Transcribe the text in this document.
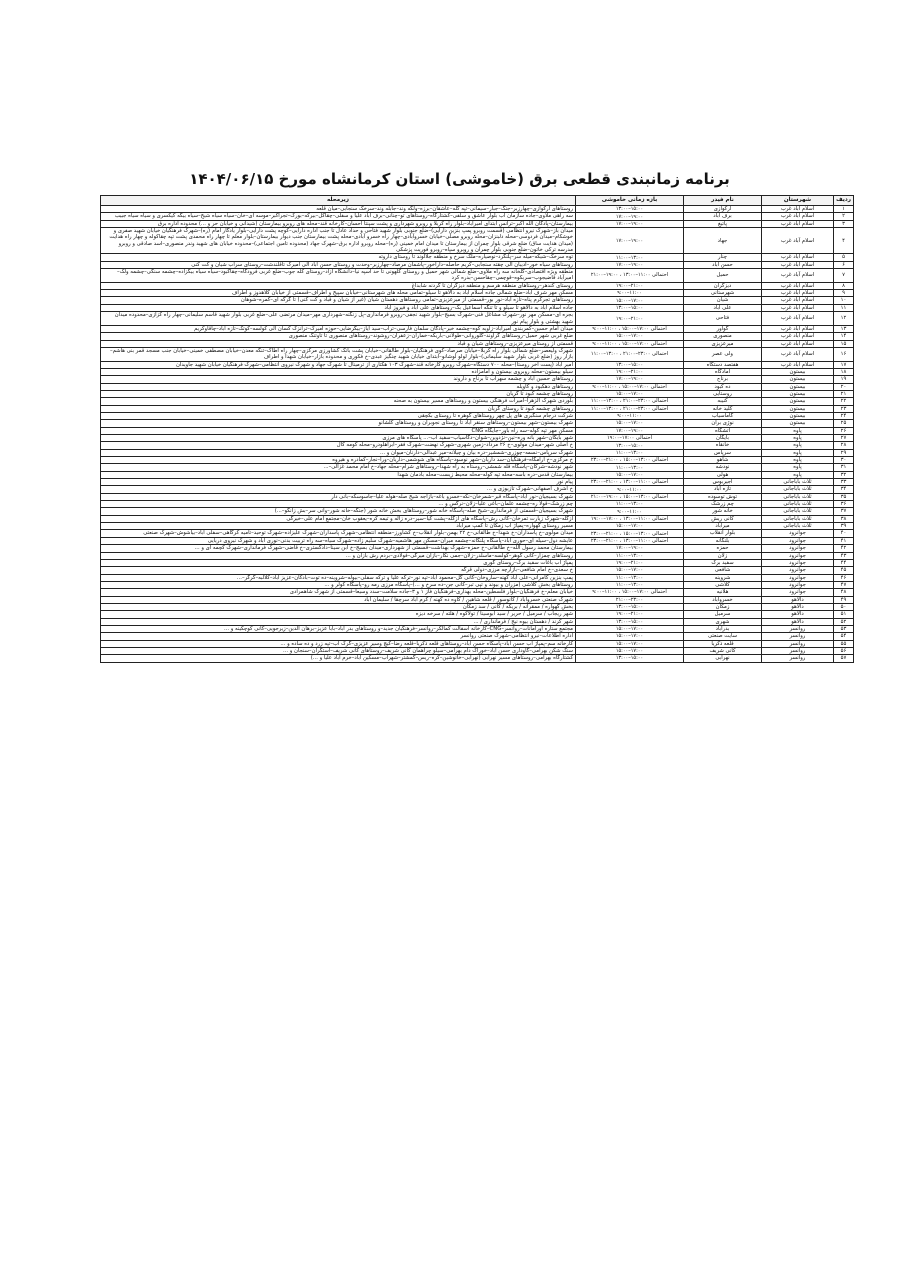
برنامه زمانبندی قطعی برق (خاموشی) استان کرمانشاه مورخ ۱۴۰۴/۰۶/۱۵
ردیف	شهرستان	نام فیدر	بازه زمانی خاموشی	زیرمحله
۱	اسلام آباد غرب	ارکوازی	۱۳:۰۰–۱۵:۰۰	روستاهای ارکوازی–چهارزبر–جنگ–جبار–سیمانی–تپه گله–عاشقان–برزه–ولگه وند–جابله وند–سرخک سنجابی–میان قلعه
۲	اسلام آباد غرب	برف آباد	۱۷:۰۰–۱۹:۰۰	سه راهی ملاوی–جاده سازمان آب بلوار عاشق و سلفی–کشتارگاه–روستاهای تو–چنانی–برف آباد علیا و سفلی–چقاکل–بیرکه–بورک–تجرآکبر–موسه ای–خان–سیاه سیاه شیخ–سیاه بیگه کیکسری و سیاه سیاه جبیب
۳	اسلام آباد غرب	پاتیغ	۱۷:۰۰–۱۹:۰۰	بیمارستان–پادگان الله اکبر–ترانس ابتدای امیرآباد–بلوار راه کربلا و روبرو شهرداری و پشت سپنتا احسان–کارخانه قند–محله های روبرو بیمارستان (شیدانی و خیابان حر و ...) محدوده اداره برق
۴	اسلام آباد غرب	جهاد	۱۷:۰۰–۱۹:۰۰	میدان باز–شهرک نیرو انتظامی (قسمت روبرو پمپ بنزین دارایی)–ضلع جنوبی بلوار شهید فتاحی و حداد عادل تا جنب اداره دارایی–کوچه پشت دارایی–بلوار یادگار امام (ره)–شهرک فرهنگیان خیابان شهید صفری و خوشکام–میدان فردوسی–محله دلبنزان–محله روبرو مصلی–خیابان خسروآبادی–چهار راه خسرو آبادی–محله پشت بیمارستان جنب دیوار بیمارستان–بلوار معلم تا چهار راه محمدی پشت تپه چقاکوله و چهار راه هدایت (میدان هدایت ساق) ضلع شرقی بلوار چمران از بیمارستان تا میدان امام خمینی (ره)–محله روبرو اداره برق–شهرک جهاد (محدوده تامین اجتماعی)–محدوده خیابان های شهید وندر منصوری–اسد صادقی و روبرو مدرسه ترکی خاتون–ضلع جنوبی بلوار چمران و روبرو سپاه–روبرو فوریت پزشکی
۵	اسلام آباد غرب	چنار	۱۱:۰۰–۱۳:۰۰	توه سرخک–شیکه–میله سر–پلنگرد–نوصیاره–ملک سرخ و منطقه جلالوند تا روستای داروته
۶	اسلام آباد غرب	حسن آباد	۱۷:۰۰–۱۹:۰۰	روستاهای سیاه خور–ادیبان الی چقته سنجابی–کریم حاصله–داراخور–پاشمان مرصاد–چهارزبر–وحدت و روستای حسن آباد الی امیرک تاقلندشت–روستای سراب شیان و کت کنی
۷	اسلام آباد غرب	حمیل	احتمالی ۱۱:۰۰–۱۳:۰۰ ، ۱۹:۰۰–۲۱:۰۰	منطقه ویژه اقتصادی–گلخانه سه راه ملاوی–ضلع شمالی شهر حمیل و روستای کلهونی تا حد اسپه نیا–دانشگاه آزاد–روستای کله جوب–ضلع غربی فرودگاه–چقاکبود–سیاه سیاه بیگزاده–چشمه سنگی–چشمه ولک–امیرآباد قاضیجوب–سربکوه–قوچمی–چقاحسن–بدره کرد
۸	اسلام آباد غرب	دیزگران	۱۹:۰۰–۲۱:۰۰	روستای کندهر–روستاهای منطقه هرسم و منطقه دیزگران تا گردنه شابداغ
۹	اسلام آباد غرب	شهرستانی	۹:۰۰–۱۱:۰۰	مسکن مهر شرف اباد–ضلع شمالی جاده اسلام اباد به دالاهو تا سیلو–تمامی محله های شهرستانی–خیابان سپیخ و اطراف–قسمتی از خیابان کلاهدوز و اطراف
۱۰	اسلام آباد غرب	شیان	۱۵:۰۰–۱۷:۰۰	روستاهای تجرکرم پناه–تازه آباد–نور بور–قسمتی از میرعزیزی–تمامی روستاهای دهستان شیان (غیر از شیان و قباد و کت کنی) تا گرگه ای–کمره–شوهان
۱۱	اسلام آباد غرب	علی آباد	۱۳:۰۰–۱۵:۰۰	جاده اسلام اباد به دالاهو تا سیلو و تا تنگه اسماعیل بک–روستاهای علی اباد و فیروز اباد
۱۲	اسلام آباد غرب	فتاحی	۱۹:۰۰–۲۱:۰۰	بجره ای–مسکن مهر نور–شهرک مشاغل فنی–شهرک بسیج–بلوار شهید نجفی–روبرو فرمانداری–پل زنگنه–شهرداری مهر–میدان مرتضی علی–ضلع غربی بلوار شهید قاسم سلیمانی–چهار راه کزازی–محدوده میدان شهید بهشتی و بلوار پیام نور
۱۳	اسلام آباد غرب	گواور	۹:۰۰–۱۱:۰۰ ، ۱۵:۰۰–۱۷:۰۰ احتمالی	میدان امام حسین–کمربندی امیرآباد–زاویه کوه–چشمه خیر–پادگان سلمان فارسی–تراب–سید ایاز–بیگرضایی–حوزه امیرک–ترانزک کسان الی کولسه–کوتک–تازه اباد–چاقاوکریم
۱۴	اسلام آباد غرب	منصوری	۱۵:۰۰–۱۷:۰۰	ضلع غربی شهر حمیل–روستاهای گراوند–گلوروانی–طولانی–باریکه–خماران–زعفران–روشوند–روستاهای منصوری تا تاوتنگ منصوری
۱۵	اسلام آباد غرب	میرعزیزی	۹:۰۰–۱۱:۰۰ ، ۱۵:۰۰–۱۷:۰۰ احتمالی	قسمتی از روستای میرعزیزی–روستاهای شیان و قباد
۱۶	اسلام آباد غرب	ولی عصر	۱۱:۰۰–۱۳:۰۰ ، ۲۱:۰۰–۲۳:۰۰ احتمالی	شهرک ولیعصر–ضلع شمالی بلوار راه کربلا–خیابان صرصاد–کوی فرهنگیان–بلوار طالقانی–خیابان پشت بانک کشاورزی مرکزی–چهار راه اطاک–تنگه معدن–خیابان مصطفی خمینی–خیابان جنب مسجد قمر بنی هاشم–بازار روز (ضلع غربی بلوار شهید سلیمانی)–بلوار لولو لوشانو–ابتدای خیابان شهید چنگیز عبدی–خ فکوری و محدوده بازار–خیابان شهدا و اطراف
۱۷	اسلام آباد غرب	هفتصد دستگاه	۱۳:۰۰–۱۵:۰۰	امیر آباد (پست آخر روستا)–محله ۷۰۰ دستگاه–شهرک روبرو کارخانه قند–شهرک ۱۰۳ هکتاری از ترمینال تا شهرک جهاد و شهرک نیروی انتظامی–شهرک فرهنگیان خیابان شهید جاویدان
۱۸	بیستون	آمادگاه	۱۹:۰۰–۲۱:۰۰	سیلو بیستون–محله روبروی بیستون و امامزاده
۱۹	بیستون	برناج	۱۷:۰۰–۱۹:۰۰	روستاهای حسین آباد و چشمه سهراب تا برناج و داروند
۲۰	بیستون	ده کبود	۹:۰۰–۱۱:۰۰ ، ۱۵:۰۰–۱۷:۰۰ احتمالی	روستاهای دهکبود و کاویله
۲۱	بیستون	روستایی	۱۵:۰۰–۱۷:۰۰	روستاهای چشمه کبود تا گریان
۲۲	بیستون	کنیبه	۱۱:۰۰–۱۳:۰۰ ، ۲۱:۰۰–۲۳:۰۰ احتمالی	بلوردی شهرک الزهرا–امیرات فرهنگی بیستون و روستاهای مسیر بیستون به صحنه
۲۳	بیستون	کلید خانه	۱۱:۰۰–۱۳:۰۰ ، ۲۱:۰۰–۲۳:۰۰ احتمالی	روستاهای چشمه کبود تا روستای گریان
۲۴	بیستون	گاماسیاب	۹:۰۰–۱۱:۰۰	شرکت درجام سنگبری های پل چهر روستاهای گوهره تا روستای بکچقی
۲۵	بیستون	نوژی بران	۱۵:۰۰–۱۷:۰۰	شهرک بیستون–شهر بیستون–روستاهای سنقر اباد تا روستای نجوبران و روستاهای کلشانو
۲۶	پاوه	آتشگاه	۱۷:۰۰–۱۹:۰۰	مسکن مهر تپه کوله–سه راه باور–جایگاه CNG
۲۷	پاوه	بایگان	احتمالی ۱۷:۰۰–۱۹:۰۰	شهر بایگان–شهر بانه وره–نین–نژدوین–شوان–دگاسیاب–سفید آب–... پاسگاه های مرزی
۲۸	پاوه	خانقاه	۱۳:۰۰–۱۵:۰۰	خ اصلی شهر–میدان مولوی–خ ۲۶ مرداد–زمین شهری–شهرک نهضت–شهرک فقر–ابراهلودرو–محله کومه کال
۲۹	پاوه	سرپاس	۱۱:۰۰–۱۳:۰۰	شهرک سرپاس–نسمه–چوزری–شمشیر–دره بیان و چیلانه–میر عبدالی–دارنان–میوان و ...
۳۰	پاوه	شاهو	احتمالی ۱۳:۰۰–۱۵:۰۰ ، ۲۱:۰۰–۲۳:۰۰	خ مرکزی–خ آرامگاه–فرهنگیان–سد داریان–شهر نوسود–پاسگاه های شوشمی–داریان–ورا–نجار–کمادره و هیروه
۳۱	پاوه	نودشه	۱۱:۰۰–۱۳:۰۰	شهر نودشه–شرکان–پاسگاه قله شمشی–روستاه به راه شهدا–روستاهای شرام–محله جهاد–خ امام محمد غزالی–...
۳۲	پاوه	هولی	۱۵:۰۰–۱۷:۰۰	بیمارستان قدس–دره باسه–محله تپه کوله–محله محیط زیست–محله بادمان شهدا
۳۳	ثلاث باباجانی	اجیربوس	احتمالی ۱۱:۰۰–۱۳:۰۰ ، ۲۱:۰۰–۲۳:۰۰	پیام نور
۳۴	ثلاث باباجانی	تازه آباد	۹:۰۰–۱۱:۰۰	خ اشرف اصفهانی–شهرک تازیوزی و ...
۳۵	ثلاث باباجانی	توش توسوده	احتمالی ۱۳:۰۰–۱۵:۰۰ ، ۱۹:۰۰–۲۱:۰۰	شهرک بسیجیان–نور آباد–پاسگاه قبر–شمرخان–نکه–خسرو باغه–بازاجه شیخ صله–هوله علیا–جاسوسکه–بانی دار
۳۶	ثلاث باباجانی	چم زرشک	۱۱:۰۰–۱۳:۰۰	چم زرشک–قولا ره–چشمه علمان–باغی علیا–زلان–نرگس و ...
۳۷	ثلاث باباجانی	خانه شور	۹:۰۰–۱۱:۰۰	شهرک بسیجیان–قسمتی از فرمانداری–شیخ صله–پاسگاه خانه شور–روستاهای بخش خانه شور (جنگه–خانه شور–وانی سر–بش زانگو–...)
۳۸	ثلاث باباجانی	کانی ریش	احتمالی ۱۱:۰۰–۱۳:۰۰ ، ۱۷:۰۰–۱۹:۰۰	ازگله–شهرک زیارت تمرخان–کانی رش–پاسگاه های ازگله–پشت کیا–سیر–دره زاله و تیمه کره–یعقوب خان–مجتمع امام علی–خیرگی
۳۹	ثلاث باباجانی	میرآباد	۱۵:۰۰–۱۷:۰۰	مسیر روستای گهواره–پمپاژ آب زمکان تا کمپ میرآباد
۴۰	جوانرود	بلوار انقلاب	احتمالی ۱۳:۰۰–۱۵:۰۰ ، ۲۱:۰۰–۲۳:۰۰	میدان مولوی–خ پاسداران–خ شهدا–خ طالقانی–خ ۲۲ بهمن–بلوار انقلاب–خ کشاورز–منطقه انتظامی–شهرک پاسداران–شهرک علیزاده–شهرک توحید–تامیه کرگاهی–سفلی اباد–بیاشوش–شهرک صنعتی
۴۱	جوانرود	بلنگانه	احتمالی ۱۱:۰۰–۱۳:۰۰ ، ۲۱:۰۰–۲۳:۰۰	عایشه دول–سیله ای–حوری اباد–پاسگاه پلنگانه–چشمه میران–مسکن مهر هاشمیه–شهرک سلیم زاده–شهرک سیاه–سه راه تربیت بدنی–نوری اباد و شهرک نیروی دریایی
۴۲	جوانرود	حمزه	۱۷:۰۰–۱۹:۰۰	بیمارستان محمد رسول الله–خ طالقانی–خ حمزه–شهرک بهداشت–قسمتی از شهرداری–میدان بسیج–خ ابن سینا–دادگستری–خ قاضی–شهرک فرمانداری–شهرک کچمه ای و ...
۴۳	جوانرود	زلان	۱۱:۰۰–۱۳:۰۰	روستاهای چمزار–کانی گوهر–کولسه–ماسلدر–زلان–جمی نکار–بازان میرگی–فولادی–بردم رش بازان و ...
۴۴	جوانرود	سفید برگ	۱۹:۰۰–۲۱:۰۰	پمپاژ آب باغات سفید برگ–روستای گوری
۴۵	جوانرود	شافعی	۱۵:۰۰–۱۷:۰۰	خ سعدی–خ امام شافعی–بازارچه مرزی–دولی قرگه
۴۶	جوانرود	شروینه	۱۱:۰۰–۱۳:۰۰	پمپ بنزین کامرانی–علی اباد کهنه–ساروخان–کانی گل–محمود اباد–تپه نور–ترکه علیا و ترکه سفلی–بیوله–شروینه–ده توت–بادکان–عزیز اباد–کلالبه–گرگر–...
۴۷	جوانرود	کلاشی	۱۱:۰۰–۱۳:۰۰	روستاهای بخش کلاشی (مزران و بیوند و تپی تبر–کانی جن–ده سرخ و ...)–پاسگاه مرزی رمه رو–پاسگاه کولر و ...
۴۸	جوانرود	هلانیه	۹:۰۰–۱۱:۰۰ ، ۱۵:۰۰–۱۷:۰۰ احتمالی	خیابان معلم–خ فرهنگیان–بلوار فلسطین–محله بهداری–فرهنگیان فاز ۱ و ۳–جاده سلامت–سدد وسیعا–قسمتی از شهرک شاهمرادی
۴۹	دالاهو	خسروآباد	۲۱:۰۰–۲۳:۰۰	شهرک صنعتی خسروآباد / کانوسور / قلعه شاهین / کاوه ده کهنه / کرم آباد سرچقا / سلیمان آباد
۵۰	دالاهو	زمکان	۱۳:۰۰–۱۵:۰۰	بخش گهواره / ممقرانه / بریکه / کانی / سد زمکان
۵۱	دالاهو	سرمیل	۱۹:۰۰–۲۱:۰۰	شهر ریجاب / سرمیل / حریر / سید ابوسینا / تولاکوه / هلته / سرخه دیزه
۵۲	دالاهو	شهری	۱۳:۰۰–۱۵:۰۰	شهر کرند / دهستان بیوه نیج / فرمانداری / ...
۵۳	روانسر	بدرآباد	۱۵:۰۰–۱۷:۰۰	مجتمع ستاره اورامانات–روانسر–CNG–کارخانه آسفالت کمالکر–روانسر–فرهنگیان جدید–و روستاهای بدر اباد–بابا عزیز–برهان الدین–زیرجویی–کانی کوچکینه و ...
۵۴	روانسر	سایت صنعتی	۱۵:۰۰–۱۷:۰۰	اداره اطلاعات–نیرو انتظامی–شهرک صنعتی روانسر
۵۵	روانسر	قلعه ذکریا	۱۵:۰۰–۱۷:۰۰	کارخانه سم–پمپاژ آب حسن اباد–پاسگاه حسن اباد–روستاهای قلعه ذکریا–قلعه رضا–کیچ وسیر عزیزی–گرگ آب–تپه زرد و ده ساده و ...
۵۶	روانسر	کانی شریف	۱۵:۰۰–۱۷:۰۰	سنگ شکن بهرامی–گاوداری حسن اباد–خوراک دام بهرامی–سیلو چراهمان کانی شریف–روستاهای کانی شریف–آستگران–سنجان و ...
۵۷	روانسر	نهرابی	۱۳:۰۰–۱۵:۰۰	کشتارگاه بهرامی–روستاهای مسیر نهرابی (نهرابی–خانوشین–کره–ریس–گمشتر–شهراب–مسکین اباد–خرم اباد علیا و ...)
